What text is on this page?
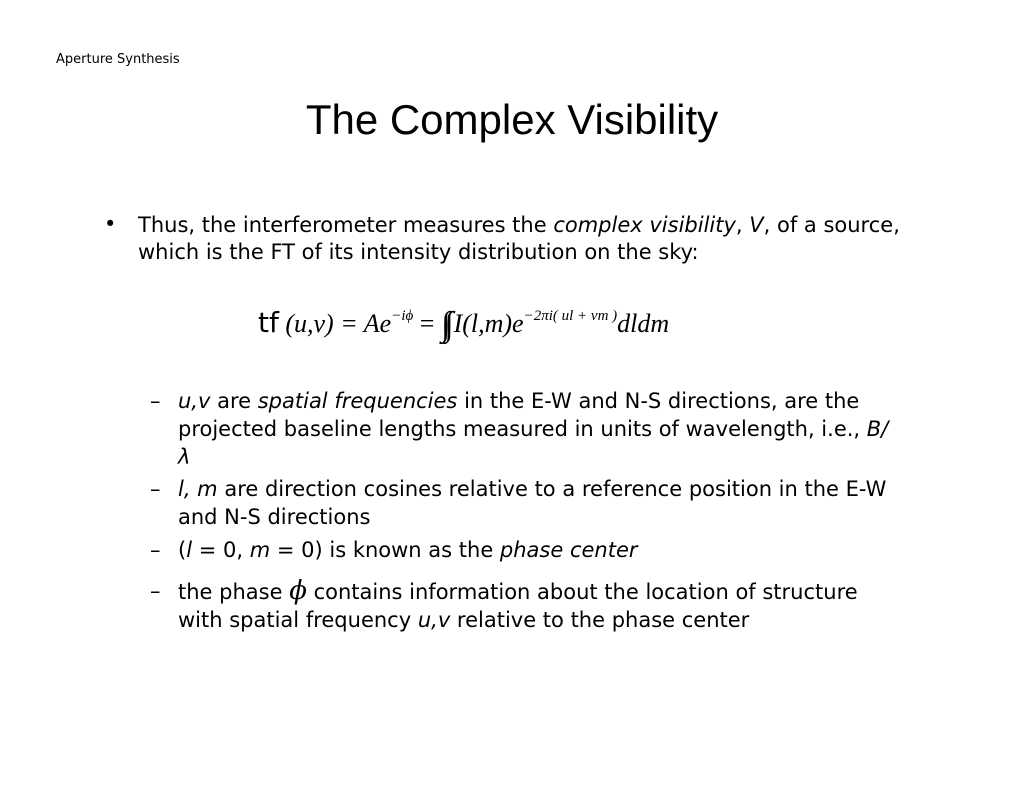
Aperture Synthesis
The Complex Visibility
• Thus, the interferometer measures the complex visibility, V, of a source, which is the FT of its intensity distribution on the sky:
tf $(u,v) = Ae^{-i\phi}$ = ∫∫ $I(l,m)e^{-2\pi i( ul + vm )}dldm$
– u,v are spatial frequencies in the E-W and N-S directions, are the projected baseline lengths measured in units of wavelength, i.e., B/λ
– l, m are direction cosines relative to a reference position in the E-W and N-S directions
– (l = 0, m = 0) is known as the phase center
– the phase ϕ contains information about the location of structure with spatial frequency u,v relative to the phase center
